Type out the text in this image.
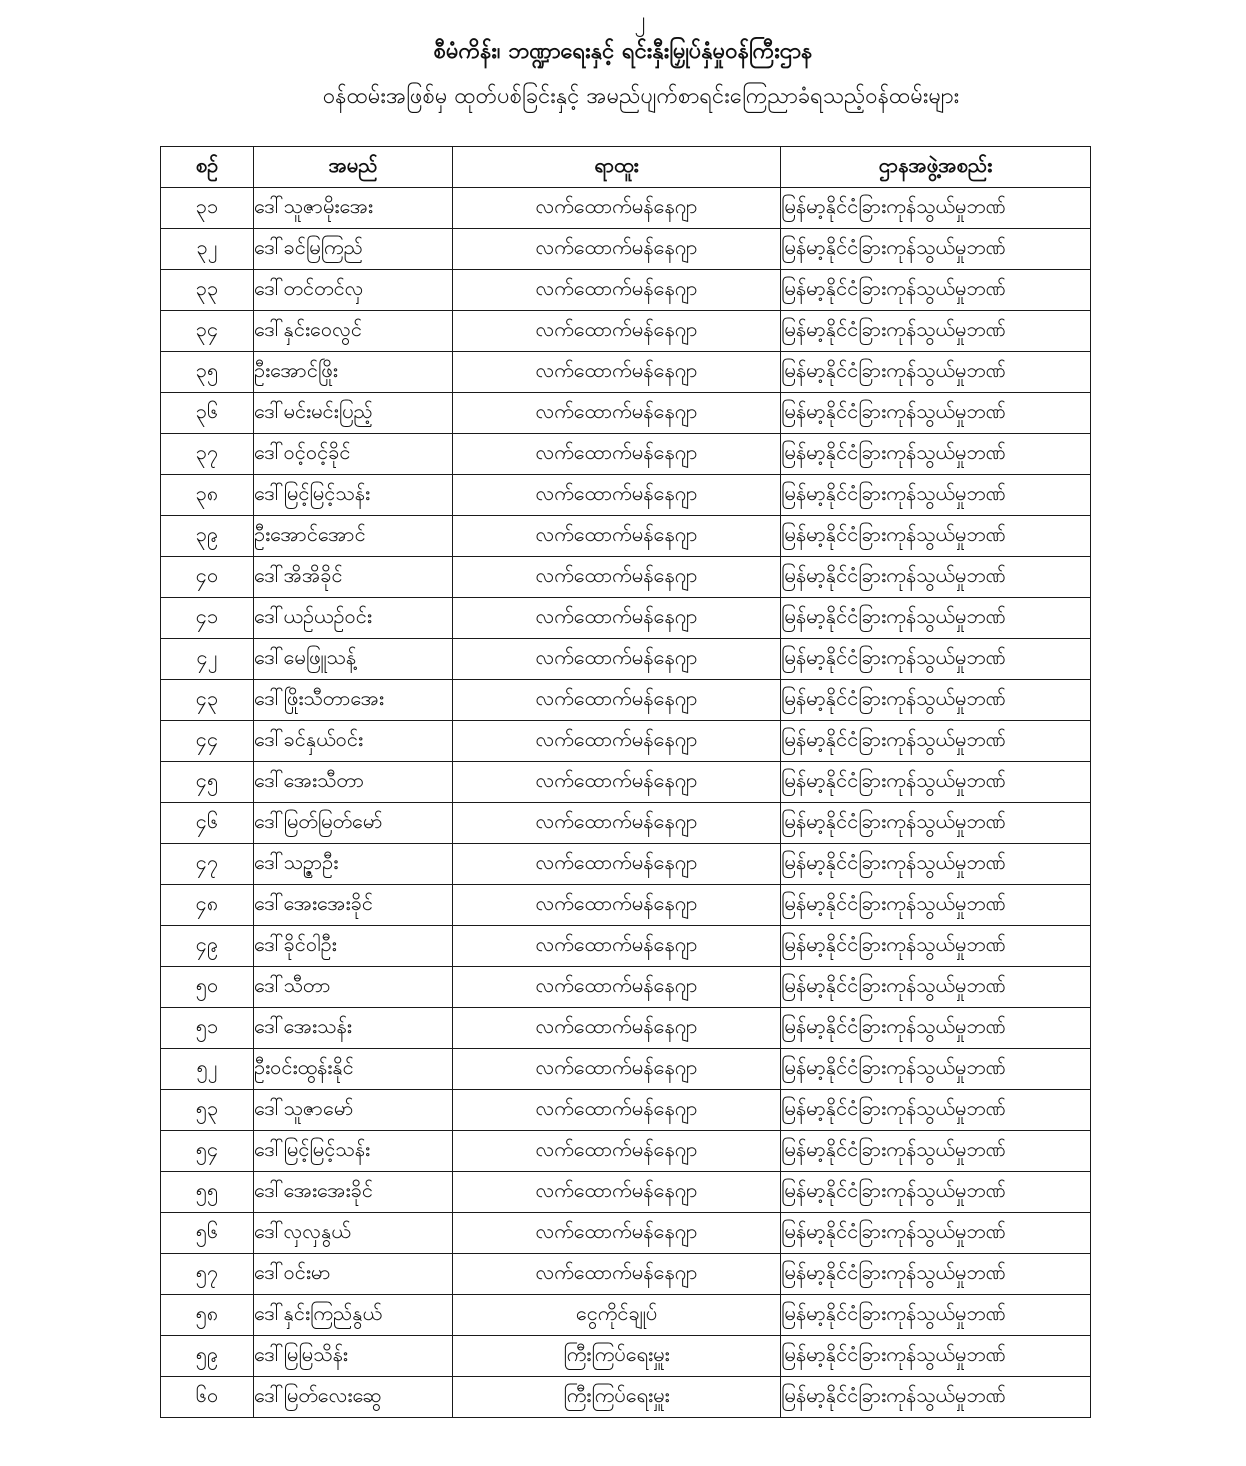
၂
စီမံကိန်း၊ ဘဏ္ဍာရေးနှင့် ရင်းနှီးမြှုပ်နှံမှုဝန်ကြီးဌာန
ဝန်ထမ်းအဖြစ်မှ ထုတ်ပစ်ခြင်းနှင့် အမည်ပျက်စာရင်းကြေညာခံရသည့်ဝန်ထမ်းများ
စဉ်	အမည်	ရာထူး	ဌာနအဖွဲ့အစည်း
၃၁	ဒေါ်သူဇာမိုးအေး	လက်ထောက်မန်နေဂျာ	မြန်မာ့နိုင်ငံခြားကုန်သွယ်မှုဘဏ်
၃၂	ဒေါ်ခင်မြကြည်	လက်ထောက်မန်နေဂျာ	မြန်မာ့နိုင်ငံခြားကုန်သွယ်မှုဘဏ်
၃၃	ဒေါ်တင်တင်လှ	လက်ထောက်မန်နေဂျာ	မြန်မာ့နိုင်ငံခြားကုန်သွယ်မှုဘဏ်
၃၄	ဒေါ်နှင်းဝေလွင်	လက်ထောက်မန်နေဂျာ	မြန်မာ့နိုင်ငံခြားကုန်သွယ်မှုဘဏ်
၃၅	ဦးအောင်ဖြိုး	လက်ထောက်မန်နေဂျာ	မြန်မာ့နိုင်ငံခြားကုန်သွယ်မှုဘဏ်
၃၆	ဒေါ်မင်းမင်းပြည့်	လက်ထောက်မန်နေဂျာ	မြန်မာ့နိုင်ငံခြားကုန်သွယ်မှုဘဏ်
၃၇	ဒေါ်ဝင့်ဝင့်ခိုင်	လက်ထောက်မန်နေဂျာ	မြန်မာ့နိုင်ငံခြားကုန်သွယ်မှုဘဏ်
၃၈	ဒေါ်မြင့်မြင့်သန်း	လက်ထောက်မန်နေဂျာ	မြန်မာ့နိုင်ငံခြားကုန်သွယ်မှုဘဏ်
၃၉	ဦးအောင်အောင်	လက်ထောက်မန်နေဂျာ	မြန်မာ့နိုင်ငံခြားကုန်သွယ်မှုဘဏ်
၄၀	ဒေါ်အိအိခိုင်	လက်ထောက်မန်နေဂျာ	မြန်မာ့နိုင်ငံခြားကုန်သွယ်မှုဘဏ်
၄၁	ဒေါ်ယဉ်ယဉ်ဝင်း	လက်ထောက်မန်နေဂျာ	မြန်မာ့နိုင်ငံခြားကုန်သွယ်မှုဘဏ်
၄၂	ဒေါ်မေဖြူသန့်	လက်ထောက်မန်နေဂျာ	မြန်မာ့နိုင်ငံခြားကုန်သွယ်မှုဘဏ်
၄၃	ဒေါ်ဖြိုးသီတာအေး	လက်ထောက်မန်နေဂျာ	မြန်မာ့နိုင်ငံခြားကုန်သွယ်မှုဘဏ်
၄၄	ဒေါ်ခင်နှယ်ဝင်း	လက်ထောက်မန်နေဂျာ	မြန်မာ့နိုင်ငံခြားကုန်သွယ်မှုဘဏ်
၄၅	ဒေါ်အေးသီတာ	လက်ထောက်မန်နေဂျာ	မြန်မာ့နိုင်ငံခြားကုန်သွယ်မှုဘဏ်
၄၆	ဒေါ်မြတ်မြတ်မော်	လက်ထောက်မန်နေဂျာ	မြန်မာ့နိုင်ငံခြားကုန်သွယ်မှုဘဏ်
၄၇	ဒေါ်သဉ္ဇာဦး	လက်ထောက်မန်နေဂျာ	မြန်မာ့နိုင်ငံခြားကုန်သွယ်မှုဘဏ်
၄၈	ဒေါ်အေးအေးခိုင်	လက်ထောက်မန်နေဂျာ	မြန်မာ့နိုင်ငံခြားကုန်သွယ်မှုဘဏ်
၄၉	ဒေါ်ခိုင်ဝါဦး	လက်ထောက်မန်နေဂျာ	မြန်မာ့နိုင်ငံခြားကုန်သွယ်မှုဘဏ်
၅၀	ဒေါ်သီတာ	လက်ထောက်မန်နေဂျာ	မြန်မာ့နိုင်ငံခြားကုန်သွယ်မှုဘဏ်
၅၁	ဒေါ်အေးသန်း	လက်ထောက်မန်နေဂျာ	မြန်မာ့နိုင်ငံခြားကုန်သွယ်မှုဘဏ်
၅၂	ဦးဝင်းထွန်းနိုင်	လက်ထောက်မန်နေဂျာ	မြန်မာ့နိုင်ငံခြားကုန်သွယ်မှုဘဏ်
၅၃	ဒေါ်သူဇာမော်	လက်ထောက်မန်နေဂျာ	မြန်မာ့နိုင်ငံခြားကုန်သွယ်မှုဘဏ်
၅၄	ဒေါ်မြင့်မြင့်သန်း	လက်ထောက်မန်နေဂျာ	မြန်မာ့နိုင်ငံခြားကုန်သွယ်မှုဘဏ်
၅၅	ဒေါ်အေးအေးခိုင်	လက်ထောက်မန်နေဂျာ	မြန်မာ့နိုင်ငံခြားကုန်သွယ်မှုဘဏ်
၅၆	ဒေါ်လှလှနွယ်	လက်ထောက်မန်နေဂျာ	မြန်မာ့နိုင်ငံခြားကုန်သွယ်မှုဘဏ်
၅၇	ဒေါ်ဝင်းမာ	လက်ထောက်မန်နေဂျာ	မြန်မာ့နိုင်ငံခြားကုန်သွယ်မှုဘဏ်
၅၈	ဒေါ်နှင်းကြည်နွယ်	ငွေကိုင်ချုပ်	မြန်မာ့နိုင်ငံခြားကုန်သွယ်မှုဘဏ်
၅၉	ဒေါ်မြမြသိန်း	ကြီးကြပ်ရေးမှူး	မြန်မာ့နိုင်ငံခြားကုန်သွယ်မှုဘဏ်
၆၀	ဒေါ်မြတ်လေးဆွေ	ကြီးကြပ်ရေးမှူး	မြန်မာ့နိုင်ငံခြားကုန်သွယ်မှုဘဏ်
